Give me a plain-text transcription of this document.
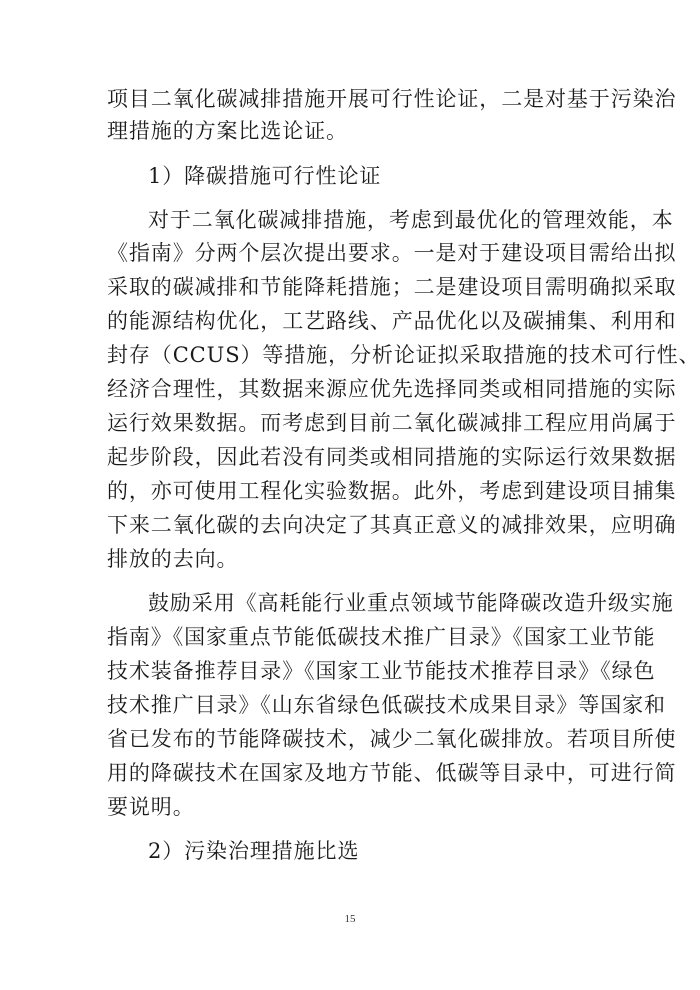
项目二氧化碳减排措施开展可行性论证，二是对基于污染治
理措施的方案比选论证。
1）降碳措施可行性论证
对于二氧化碳减排措施，考虑到最优化的管理效能，本
《指南》分两个层次提出要求。一是对于建设项目需给出拟
采取的碳减排和节能降耗措施；二是建设项目需明确拟采取
的能源结构优化，工艺路线、产品优化以及碳捕集、利用和
封存（CCUS）等措施，分析论证拟采取措施的技术可行性、
经济合理性，其数据来源应优先选择同类或相同措施的实际
运行效果数据。而考虑到目前二氧化碳减排工程应用尚属于
起步阶段，因此若没有同类或相同措施的实际运行效果数据
的，亦可使用工程化实验数据。此外，考虑到建设项目捕集
下来二氧化碳的去向决定了其真正意义的减排效果，应明确
排放的去向。
鼓励采用《高耗能行业重点领域节能降碳改造升级实施
指南》《国家重点节能低碳技术推广目录》《国家工业节能
技术装备推荐目录》《国家工业节能技术推荐目录》《绿色
技术推广目录》《山东省绿色低碳技术成果目录》等国家和
省已发布的节能降碳技术，减少二氧化碳排放。若项目所使
用的降碳技术在国家及地方节能、低碳等目录中，可进行简
要说明。
2）污染治理措施比选
15
